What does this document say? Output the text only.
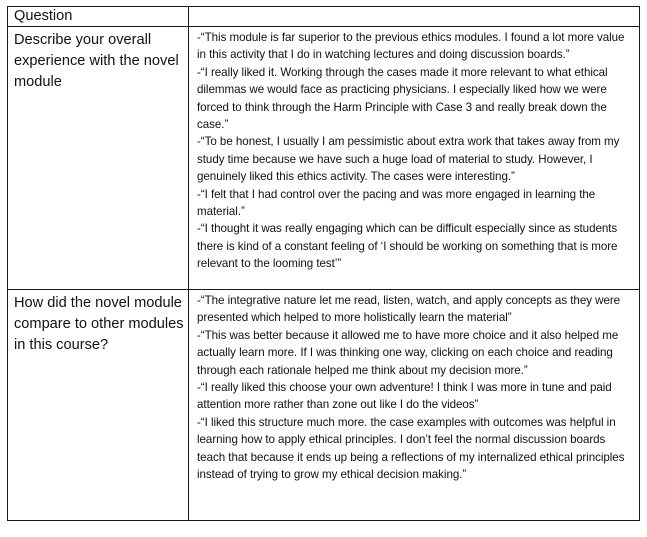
Question	

Describe your overall experience with the novel module	-“This module is far superior to the previous ethics modules. I found a lot more value in this activity that I do in watching lectures and doing discussion boards.”
-“I really liked it. Working through the cases made it more relevant to what ethical dilemmas we would face as practicing physicians. I especially liked how we were forced to think through the Harm Principle with Case 3 and really break down the case.”
-“To be honest, I usually I am pessimistic about extra work that takes away from my study time because we have such a huge load of material to study. However, I genuinely liked this ethics activity. The cases were interesting.”
-“I felt that I had control over the pacing and was more engaged in learning the material.”
-“I thought it was really engaging which can be difficult especially since as students there is kind of a constant feeling of ‘I should be working on something that is more relevant to the looming test’”

How did the novel module compare to other modules in this course?	-“The integrative nature let me read, listen, watch, and apply concepts as they were presented which helped to more holistically learn the material”
-“This was better because it allowed me to have more choice and it also helped me actually learn more. If I was thinking one way, clicking on each choice and reading through each rationale helped me think about my decision more.”
-“I really liked this choose your own adventure! I think I was more in tune and paid attention more rather than zone out like I do the videos”
-“I liked this structure much more. the case examples with outcomes was helpful in learning how to apply ethical principles. I don’t feel the normal discussion boards teach that because it ends up being a reflections of my internalized ethical principles instead of trying to grow my ethical decision making.”
